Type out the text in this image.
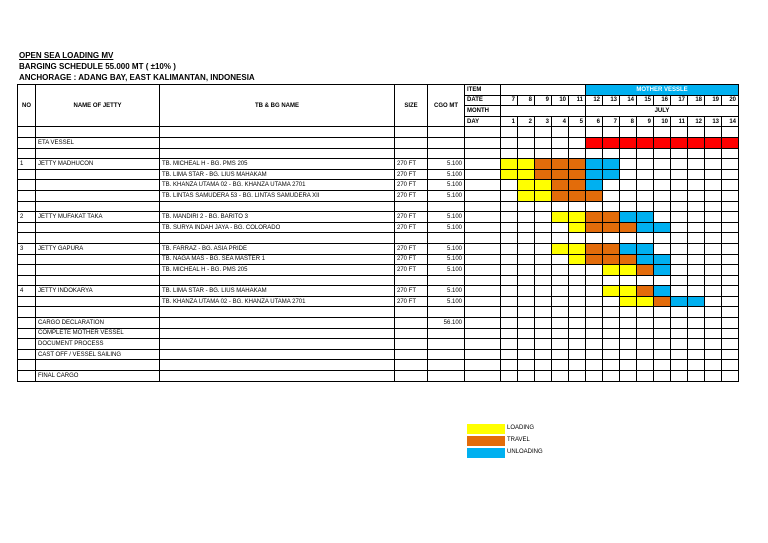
OPEN SEA LOADING MV
BARGING SCHEDULE 55.000 MT ( ±10% )
ANCHORAGE : ADANG BAY, EAST KALIMANTAN, INDONESIA
NO	NAME OF JETTY	TB & BG NAME	SIZE	CGO MT	ITEM						MOTHER VESSLE								
					DATE	7	8	9	10	11	12	13	14	15	16	17	18	19	20
					MONTH						JULY								
					DAY	1	2	3	4	5	6	7	8	9	10	11	12	13	14

	ETA VESSEL																		

1	JETTY MADHUCON	TB. MICHEAL H - BG. PMS 205	270 FT	5.100															
		TB. LIMA STAR - BG. LIUS MAHAKAM	270 FT	5.100															
		TB. KHANZA UTAMA 02 - BG. KHANZA UTAMA 2701	270 FT	5.100															
		TB. LINTAS SAMUDERA 53 - BG. LINTAS SAMUDERA XII	270 FT	5.100															

2	JETTY MUFAKAT TAKA	TB. MANDIRI 2 - BG. BARITO 3	270 FT	5.100															
		TB. SURYA INDAH JAYA - BG. COLORADO	270 FT	5.100															

3	JETTY GAPURA	TB. FARRAZ - BG. ASIA PRIDE	270 FT	5.100															
		TB. NAGA MAS - BG. SEA MASTER 1	270 FT	5.100															
		TB. MICHEAL H - BG. PMS 205	270 FT	5.100															

4	JETTY INDOKARYA	TB. LIMA STAR - BG. LIUS MAHAKAM	270 FT	5.100															
		TB. KHANZA UTAMA 02 - BG. KHANZA UTAMA 2701	270 FT	5.100															

	CARGO DECLARATION			56.100															
	COMPLETE MOTHER VESSEL																		
	DOCUMENT PROCESS																		
	CAST OFF / VESSEL SAILING																		

	FINAL CARGO																		
LOADING
TRAVEL
UNLOADING
